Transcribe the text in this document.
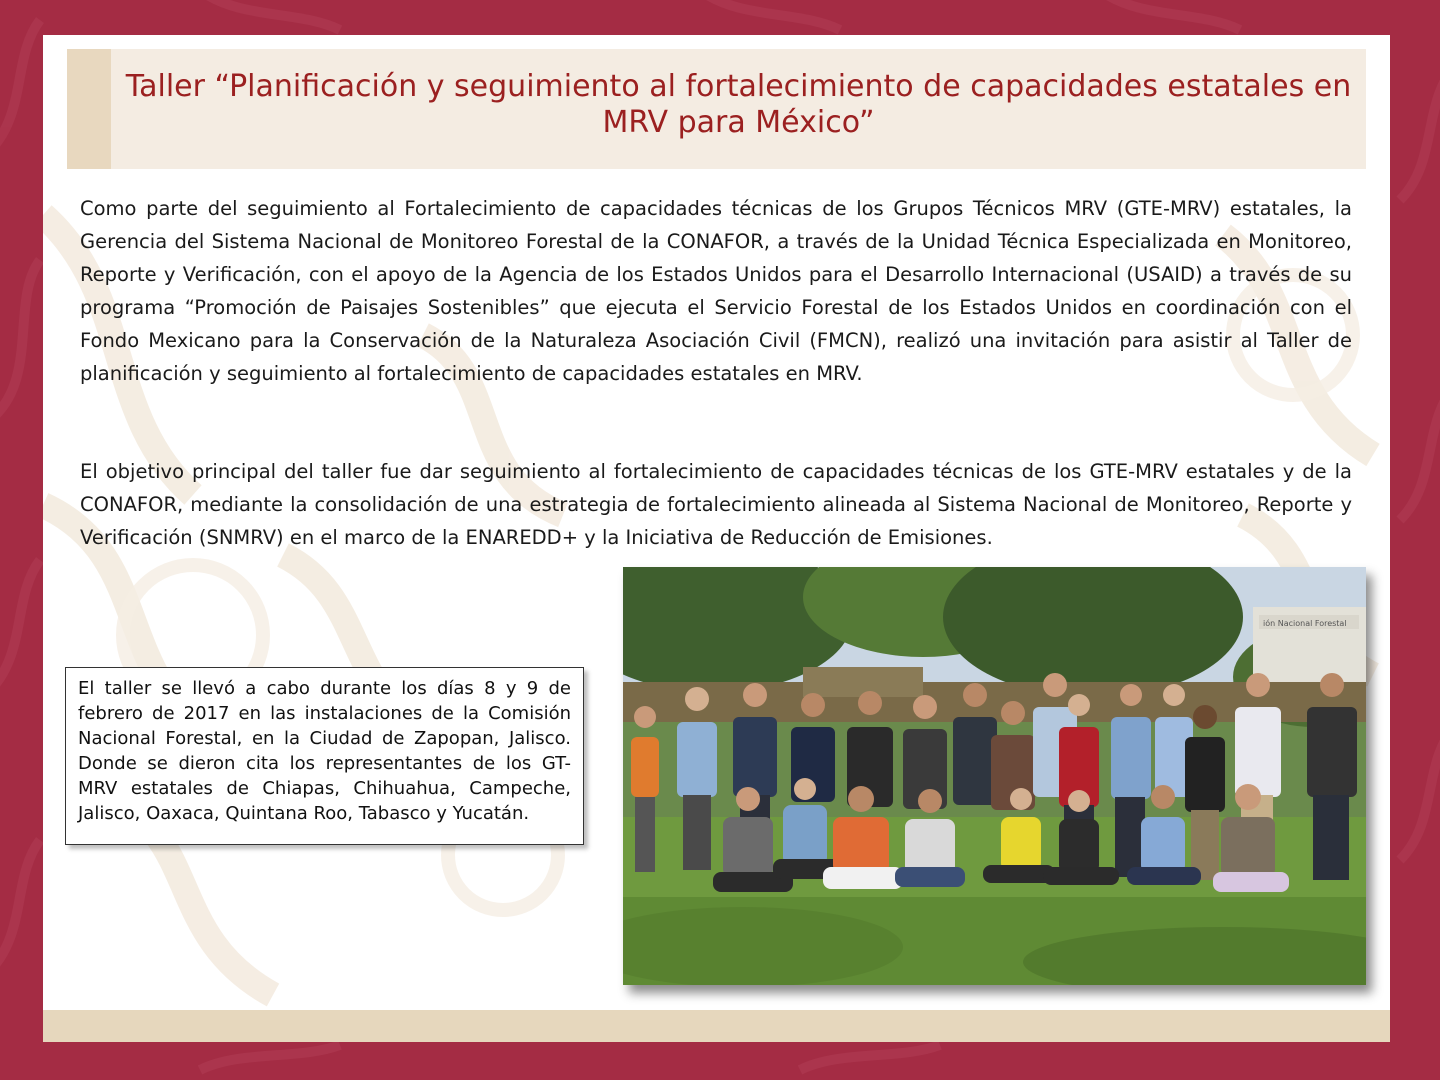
Taller “Planificación y seguimiento al fortalecimiento de capacidades estatales en MRV para México”

Como parte del seguimiento al Fortalecimiento de capacidades técnicas de los Grupos Técnicos MRV (GTE-MRV) estatales, la Gerencia del Sistema Nacional de Monitoreo Forestal de la CONAFOR, a través de la Unidad Técnica Especializada en Monitoreo, Reporte y Verificación, con el apoyo de la Agencia de los Estados Unidos para el Desarrollo Internacional (USAID) a través de su programa “Promoción de Paisajes Sostenibles” que ejecuta el Servicio Forestal de los Estados Unidos en coordinación con el Fondo Mexicano para la Conservación de la Naturaleza Asociación Civil (FMCN), realizó una invitación para asistir al Taller de planificación y seguimiento al fortalecimiento de capacidades estatales en MRV.

El objetivo principal del taller fue dar seguimiento al fortalecimiento de capacidades técnicas de los GTE-MRV estatales y de la CONAFOR, mediante la consolidación de una estrategia de fortalecimiento alineada al Sistema Nacional de Monitoreo, Reporte y Verificación (SNMRV) en el marco de la ENAREDD+ y la Iniciativa de Reducción de Emisiones.

El taller se llevó a cabo durante los días 8 y 9 de febrero de 2017 en las instalaciones de la Comisión Nacional Forestal, en la Ciudad de Zapopan, Jalisco. Donde se dieron cita los representantes de los GT-MRV estatales de Chiapas, Chihuahua, Campeche, Jalisco, Oaxaca, Quintana Roo, Tabasco y Yucatán.

ión Nacional Forestal
